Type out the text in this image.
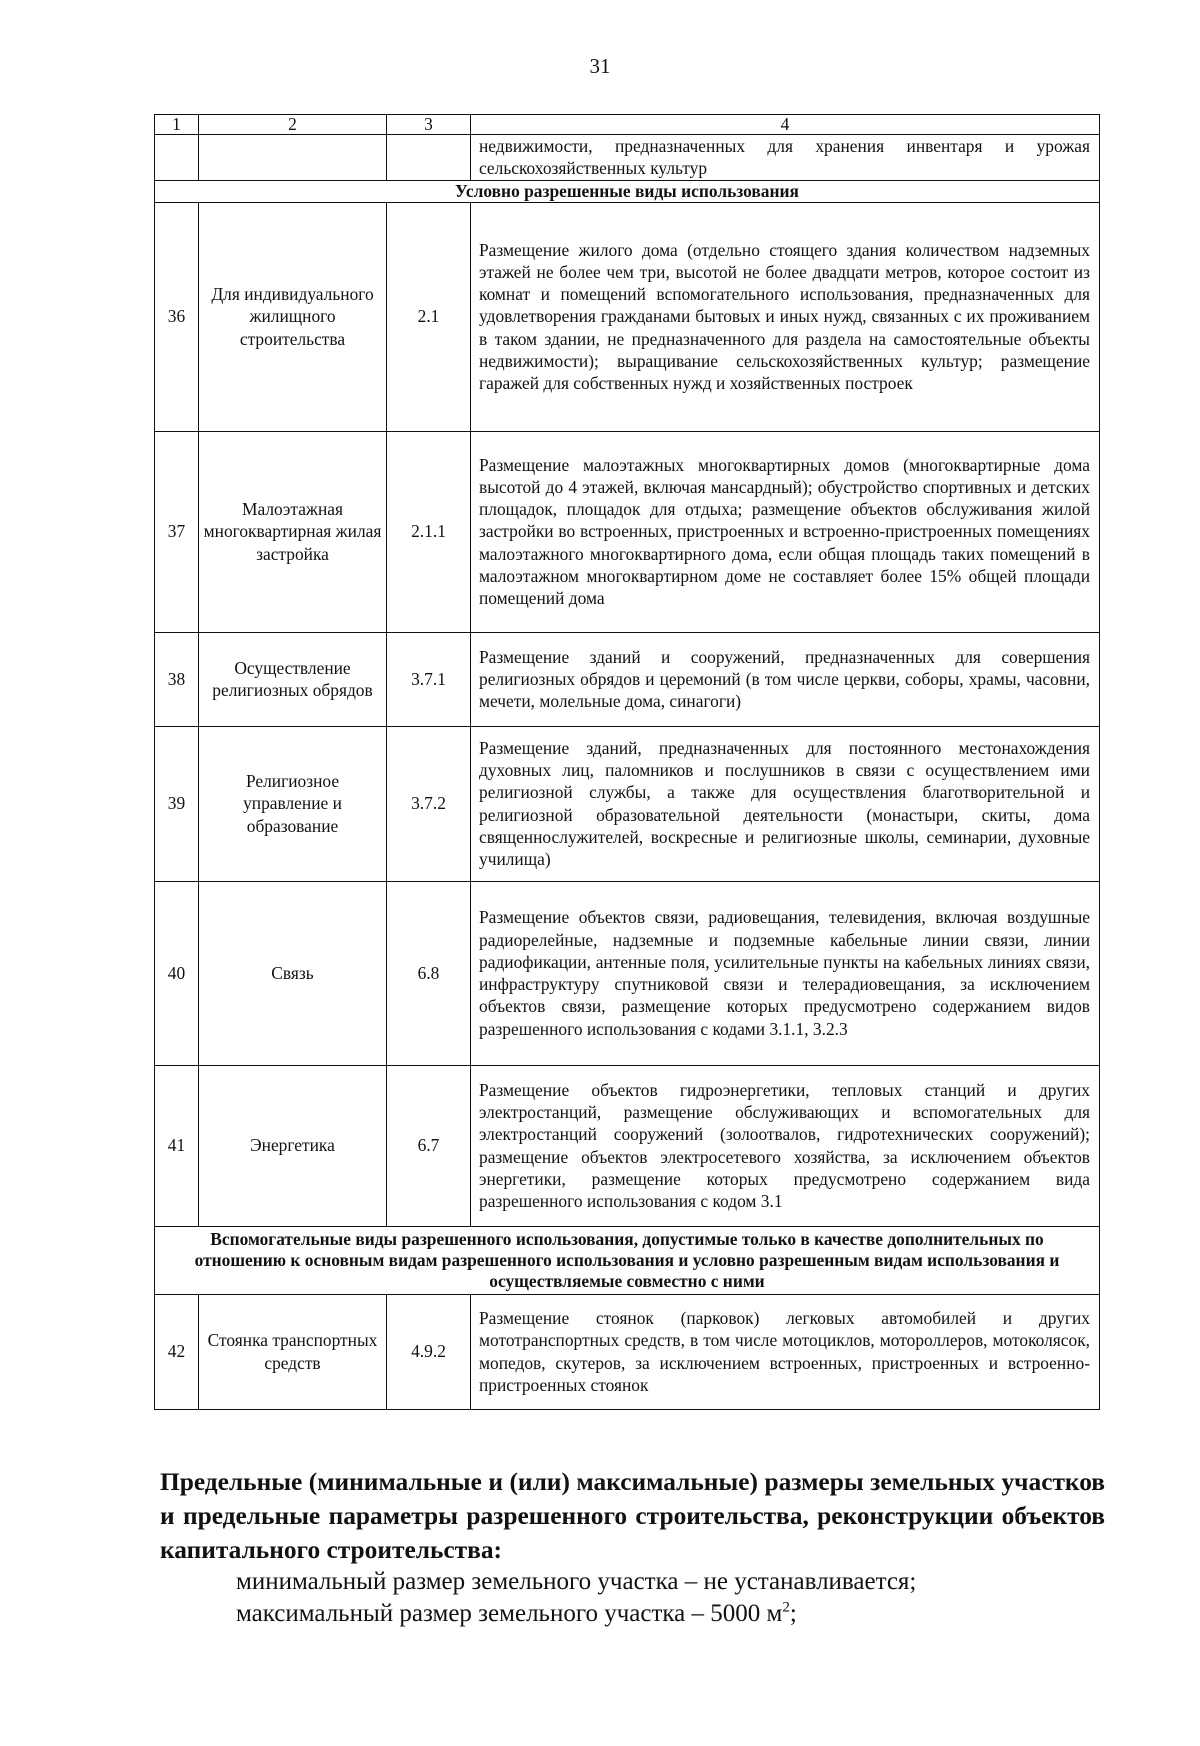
31
1	2	3	4
			недвижимости, предназначенных для хранения инвентаря и урожая сельскохозяйственных культур
Условно разрешенные виды использования			
36	Для индивидуального жилищного строительства	2.1	Размещение жилого дома (отдельно стоящего здания количеством надземных этажей не более чем три, высотой не более двадцати метров, которое состоит из комнат и помещений вспомогательного использования, предназначенных для удовлетворения гражданами бытовых и иных нужд, связанных с их проживанием в таком здании, не предназначенного для раздела на самостоятельные объекты недвижимости); выращивание сельскохозяйственных культур; размещение гаражей для собственных нужд и хозяйственных построек
37	Малоэтажная многоквартирная жилая застройка	2.1.1	Размещение малоэтажных многоквартирных домов (многоквартирные дома высотой до 4 этажей, включая мансардный); обустройство спортивных и детских площадок, площадок для отдыха; размещение объектов обслуживания жилой застройки во встроенных, пристроенных и встроенно-пристроенных помещениях малоэтажного многоквартирного дома, если общая площадь таких помещений в малоэтажном многоквартирном доме не составляет более 15% общей площади помещений дома
38	Осуществление религиозных обрядов	3.7.1	Размещение зданий и сооружений, предназначенных для совершения религиозных обрядов и церемоний (в том числе церкви, соборы, храмы, часовни, мечети, молельные дома, синагоги)
39	Религиозное управление и образование	3.7.2	Размещение зданий, предназначенных для постоянного местонахождения духовных лиц, паломников и послушников в связи с осуществлением ими религиозной службы, а также для осуществления благотворительной и религиозной образовательной деятельности (монастыри, скиты, дома священнослужителей, воскресные и религиозные школы, семинарии, духовные училища)
40	Связь	6.8	Размещение объектов связи, радиовещания, телевидения, включая воздушные радиорелейные, надземные и подземные кабельные линии связи, линии радиофикации, антенные поля, усилительные пункты на кабельных линиях связи, инфраструктуру спутниковой связи и телерадиовещания, за исключением объектов связи, размещение которых предусмотрено содержанием видов разрешенного использования с кодами 3.1.1, 3.2.3
41	Энергетика	6.7	Размещение объектов гидроэнергетики, тепловых станций и других электростанций, размещение обслуживающих и вспомогательных для электростанций сооружений (золоотвалов, гидротехнических сооружений); размещение объектов электросетевого хозяйства, за исключением объектов энергетики, размещение которых предусмотрено содержанием вида разрешенного использования с кодом 3.1
Вспомогательные виды разрешенного использования, допустимые только в качестве дополнительных по отношению к основным видам разрешенного использования и условно разрешенным видам использования и осуществляемые совместно с ними			
42	Стоянка транспортных средств	4.9.2	Размещение стоянок (парковок) легковых автомобилей и других мототранспортных средств, в том числе мотоциклов, мотороллеров, мотоколясок, мопедов, скутеров, за исключением встроенных, пристроенных и встроенно-пристроенных стоянок
Предельные (минимальные и (или) максимальные) размеры земельных участков и предельные параметры разрешенного строительства, реконструкции объектов капитального строительства:
минимальный размер земельного участка – не устанавливается;
максимальный размер земельного участка – 5000 $м^2$;
